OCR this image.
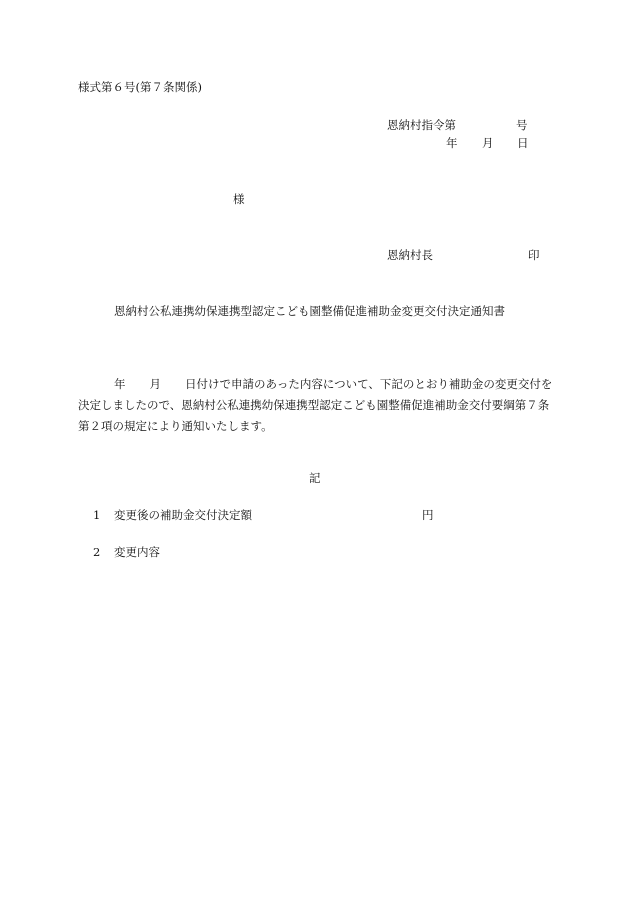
様式第６号(第７条関係)
恩納村指令第	号
年 月 日
様
恩納村長	印
恩納村公私連携幼保連携型認定こども園整備促進補助金変更交付決定通知書
年 月 日付けで申請のあった内容について、下記のとおり補助金の変更交付を決定しましたので、恩納村公私連携幼保連携型認定こども園整備促進補助金交付要綱第７条第２項の規定により通知いたします。
記
1 変更後の補助金交付決定額	円
2 変更内容
